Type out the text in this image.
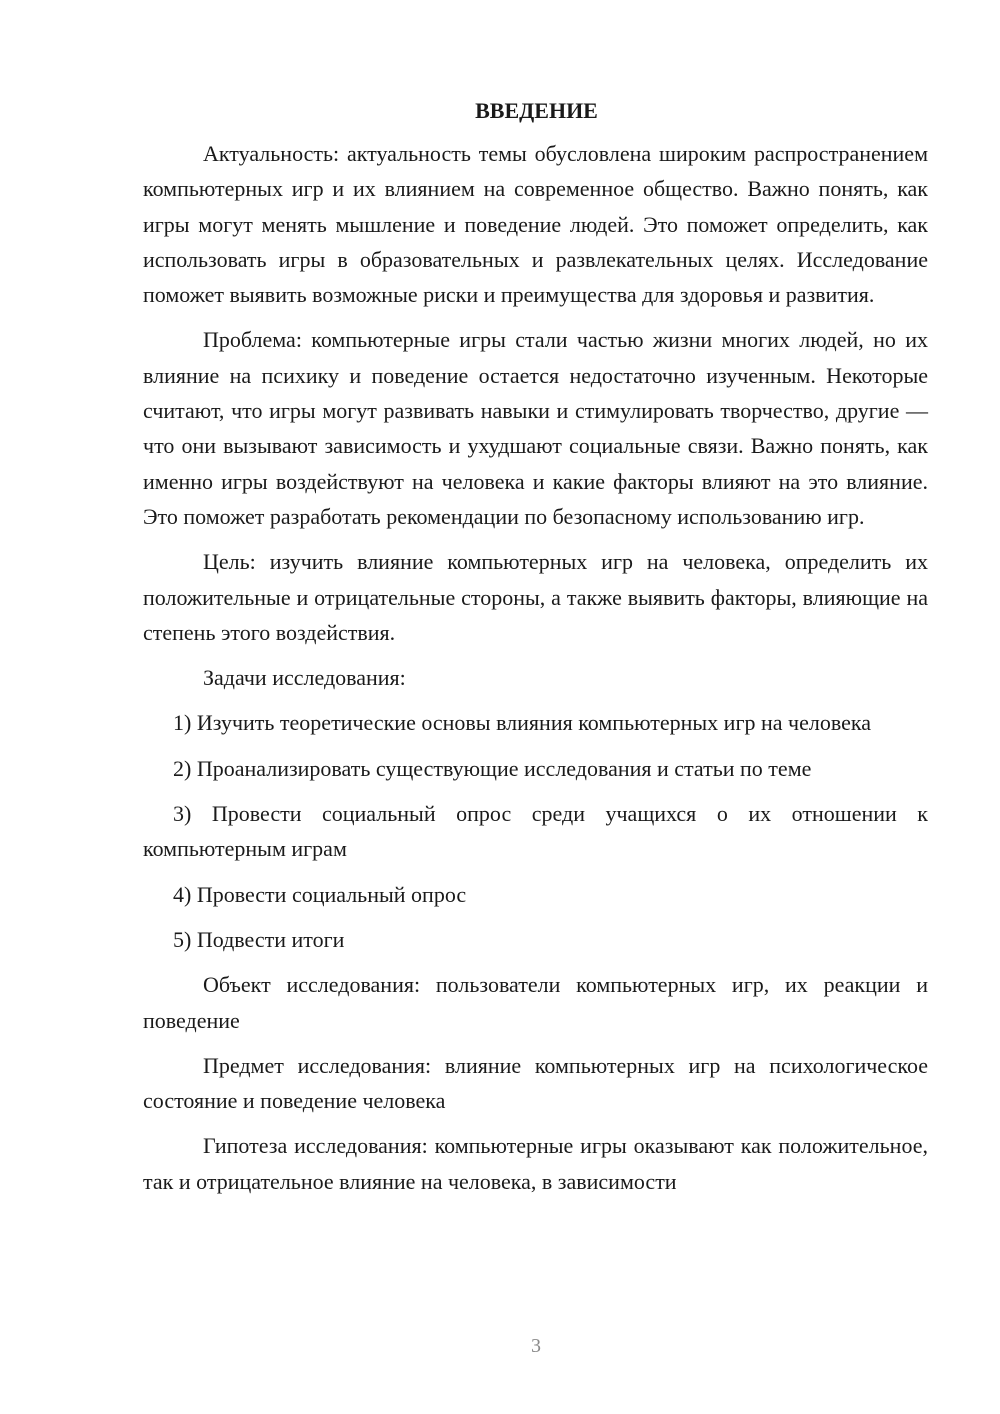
ВВЕДЕНИЕ

Актуальность: актуальность темы обусловлена широким распространением компьютерных игр и их влиянием на современное общество. Важно понять, как игры могут менять мышление и поведение людей. Это поможет определить, как использовать игры в образовательных и развлекательных целях. Исследование поможет выявить возможные риски и преимущества для здоровья и развития.

Проблема: компьютерные игры стали частью жизни многих людей, но их влияние на психику и поведение остается недостаточно изученным. Некоторые считают, что игры могут развивать навыки и стимулировать творчество, другие — что они вызывают зависимость и ухудшают социальные связи. Важно понять, как именно игры воздействуют на человека и какие факторы влияют на это влияние. Это поможет разработать рекомендации по безопасному использованию игр.

Цель: изучить влияние компьютерных игр на человека, определить их положительные и отрицательные стороны, а также выявить факторы, влияющие на степень этого воздействия.

Задачи исследования:

1) Изучить теоретические основы влияния компьютерных игр на человека

2) Проанализировать существующие исследования и статьи по теме

3) Провести социальный опрос среди учащихся о их отношении к компьютерным играм

4) Провести социальный опрос

5) Подвести итоги

Объект исследования: пользователи компьютерных игр, их реакции и поведение

Предмет исследования: влияние компьютерных игр на психологическое состояние и поведение человека

Гипотеза исследования: компьютерные игры оказывают как положительное, так и отрицательное влияние на человека, в зависимости

3
